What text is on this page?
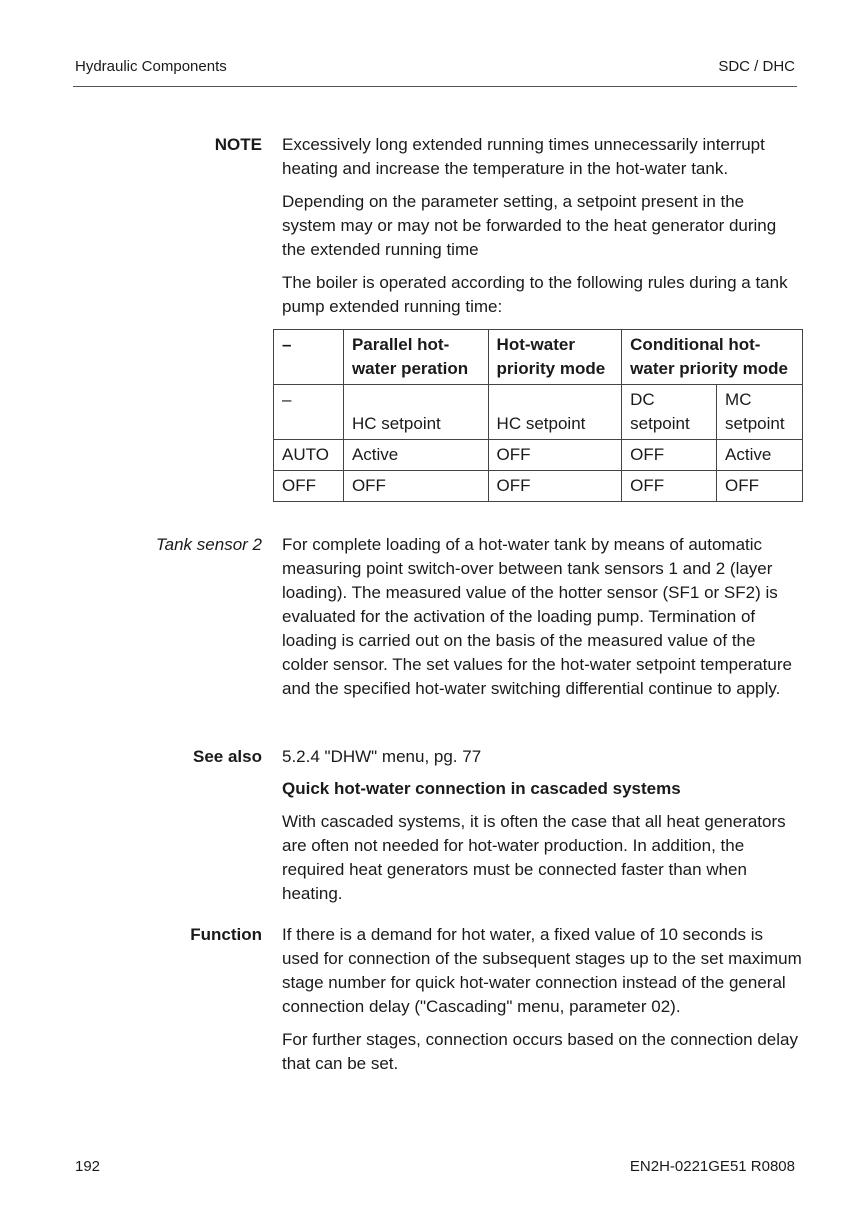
Hydraulic Components	SDC / DHC
NOTE Excessively long extended running times unnecessarily interrupt heating and increase the temperature in the hot-water tank.

Depending on the parameter setting, a setpoint present in the system may or may not be forwarded to the heat generator during the extended running time

The boiler is operated according to the following rules during a tank pump extended running time:

–	Parallel hot-water peration	Hot-water priority mode	Conditional hot-water priority mode	
–	HC setpoint	HC setpoint	DC setpoint	MC setpoint
AUTO	Active	OFF	OFF	Active
OFF	OFF	OFF	OFF	OFF
Tank sensor 2 For complete loading of a hot-water tank by means of automatic measuring point switch-over between tank sensors 1 and 2 (layer loading). The measured value of the hotter sensor (SF1 or SF2) is evaluated for the activation of the loading pump. Termination of loading is carried out on the basis of the measured value of the colder sensor. The set values for the hot-water setpoint temperature and the specified hot-water switching differential continue to apply.

See also 5.2.4 "DHW" menu, pg. 77

Quick hot-water connection in cascaded systems

With cascaded systems, it is often the case that all heat generators are often not needed for hot-water production. In addition, the required heat generators must be connected faster than when heating.

Function If there is a demand for hot water, a fixed value of 10 seconds is used for connection of the subsequent stages up to the set maximum stage number for quick hot-water connection instead of the general connection delay ("Cascading" menu, parameter 02).

For further stages, connection occurs based on the connection delay that can be set.

192	EN2H-0221GE51 R0808
